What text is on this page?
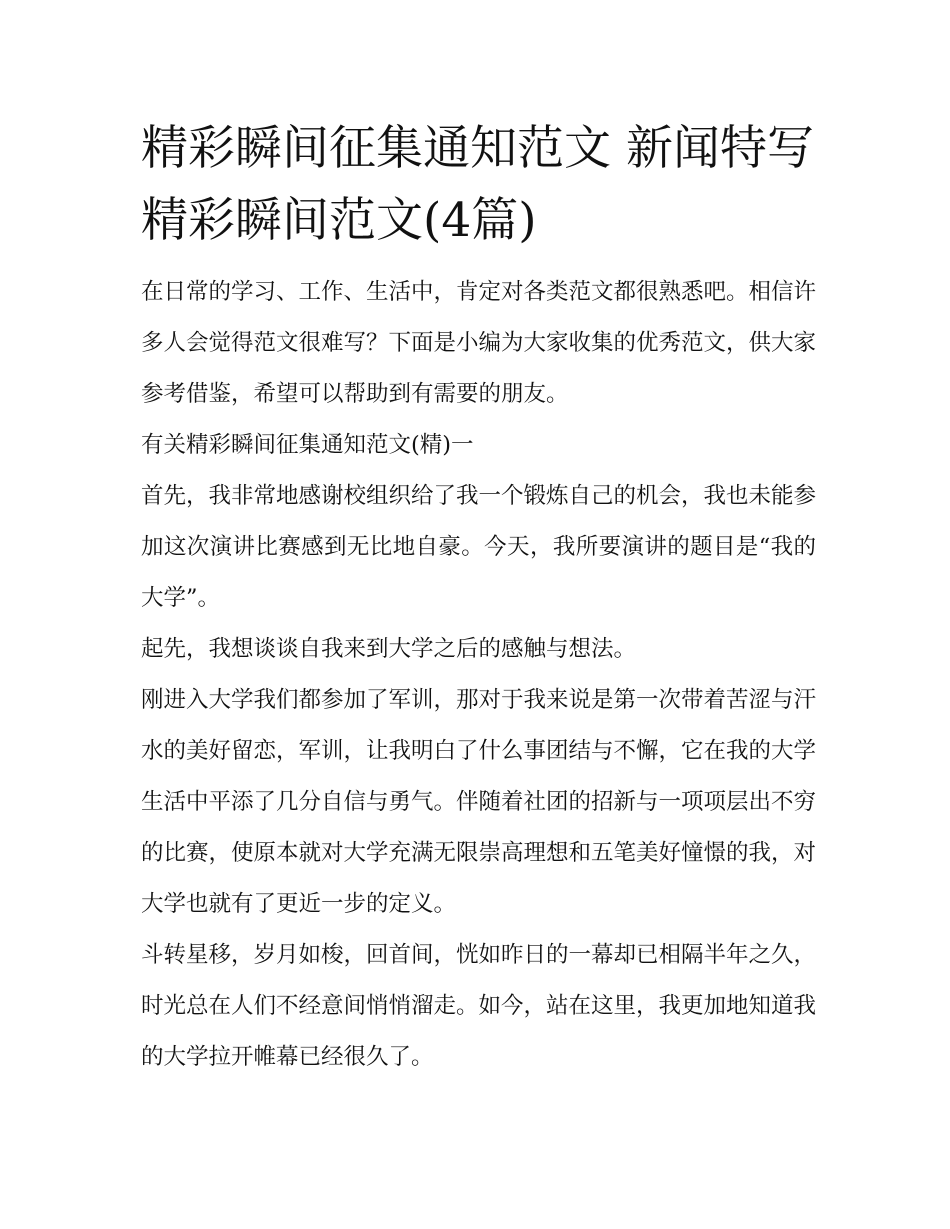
精彩瞬间征集通知范文 新闻特写精彩瞬间范文(4篇)

在日常的学习、工作、生活中，肯定对各类范文都很熟悉吧。相信许多人会觉得范文很难写？下面是小编为大家收集的优秀范文，供大家参考借鉴，希望可以帮助到有需要的朋友。

有关精彩瞬间征集通知范文(精)一

首先，我非常地感谢校组织给了我一个锻炼自己的机会，我也未能参加这次演讲比赛感到无比地自豪。今天，我所要演讲的题目是“我的大学”。

起先，我想谈谈自我来到大学之后的感触与想法。

刚进入大学我们都参加了军训，那对于我来说是第一次带着苦涩与汗水的美好留恋，军训，让我明白了什么事团结与不懈，它在我的大学生活中平添了几分自信与勇气。伴随着社团的招新与一项项层出不穷的比赛，使原本就对大学充满无限崇高理想和五笔美好憧憬的我，对大学也就有了更近一步的定义。

斗转星移，岁月如梭，回首间，恍如昨日的一幕却已相隔半年之久，时光总在人们不经意间悄悄溜走。如今，站在这里，我更加地知道我的大学拉开帷幕已经很久了。
